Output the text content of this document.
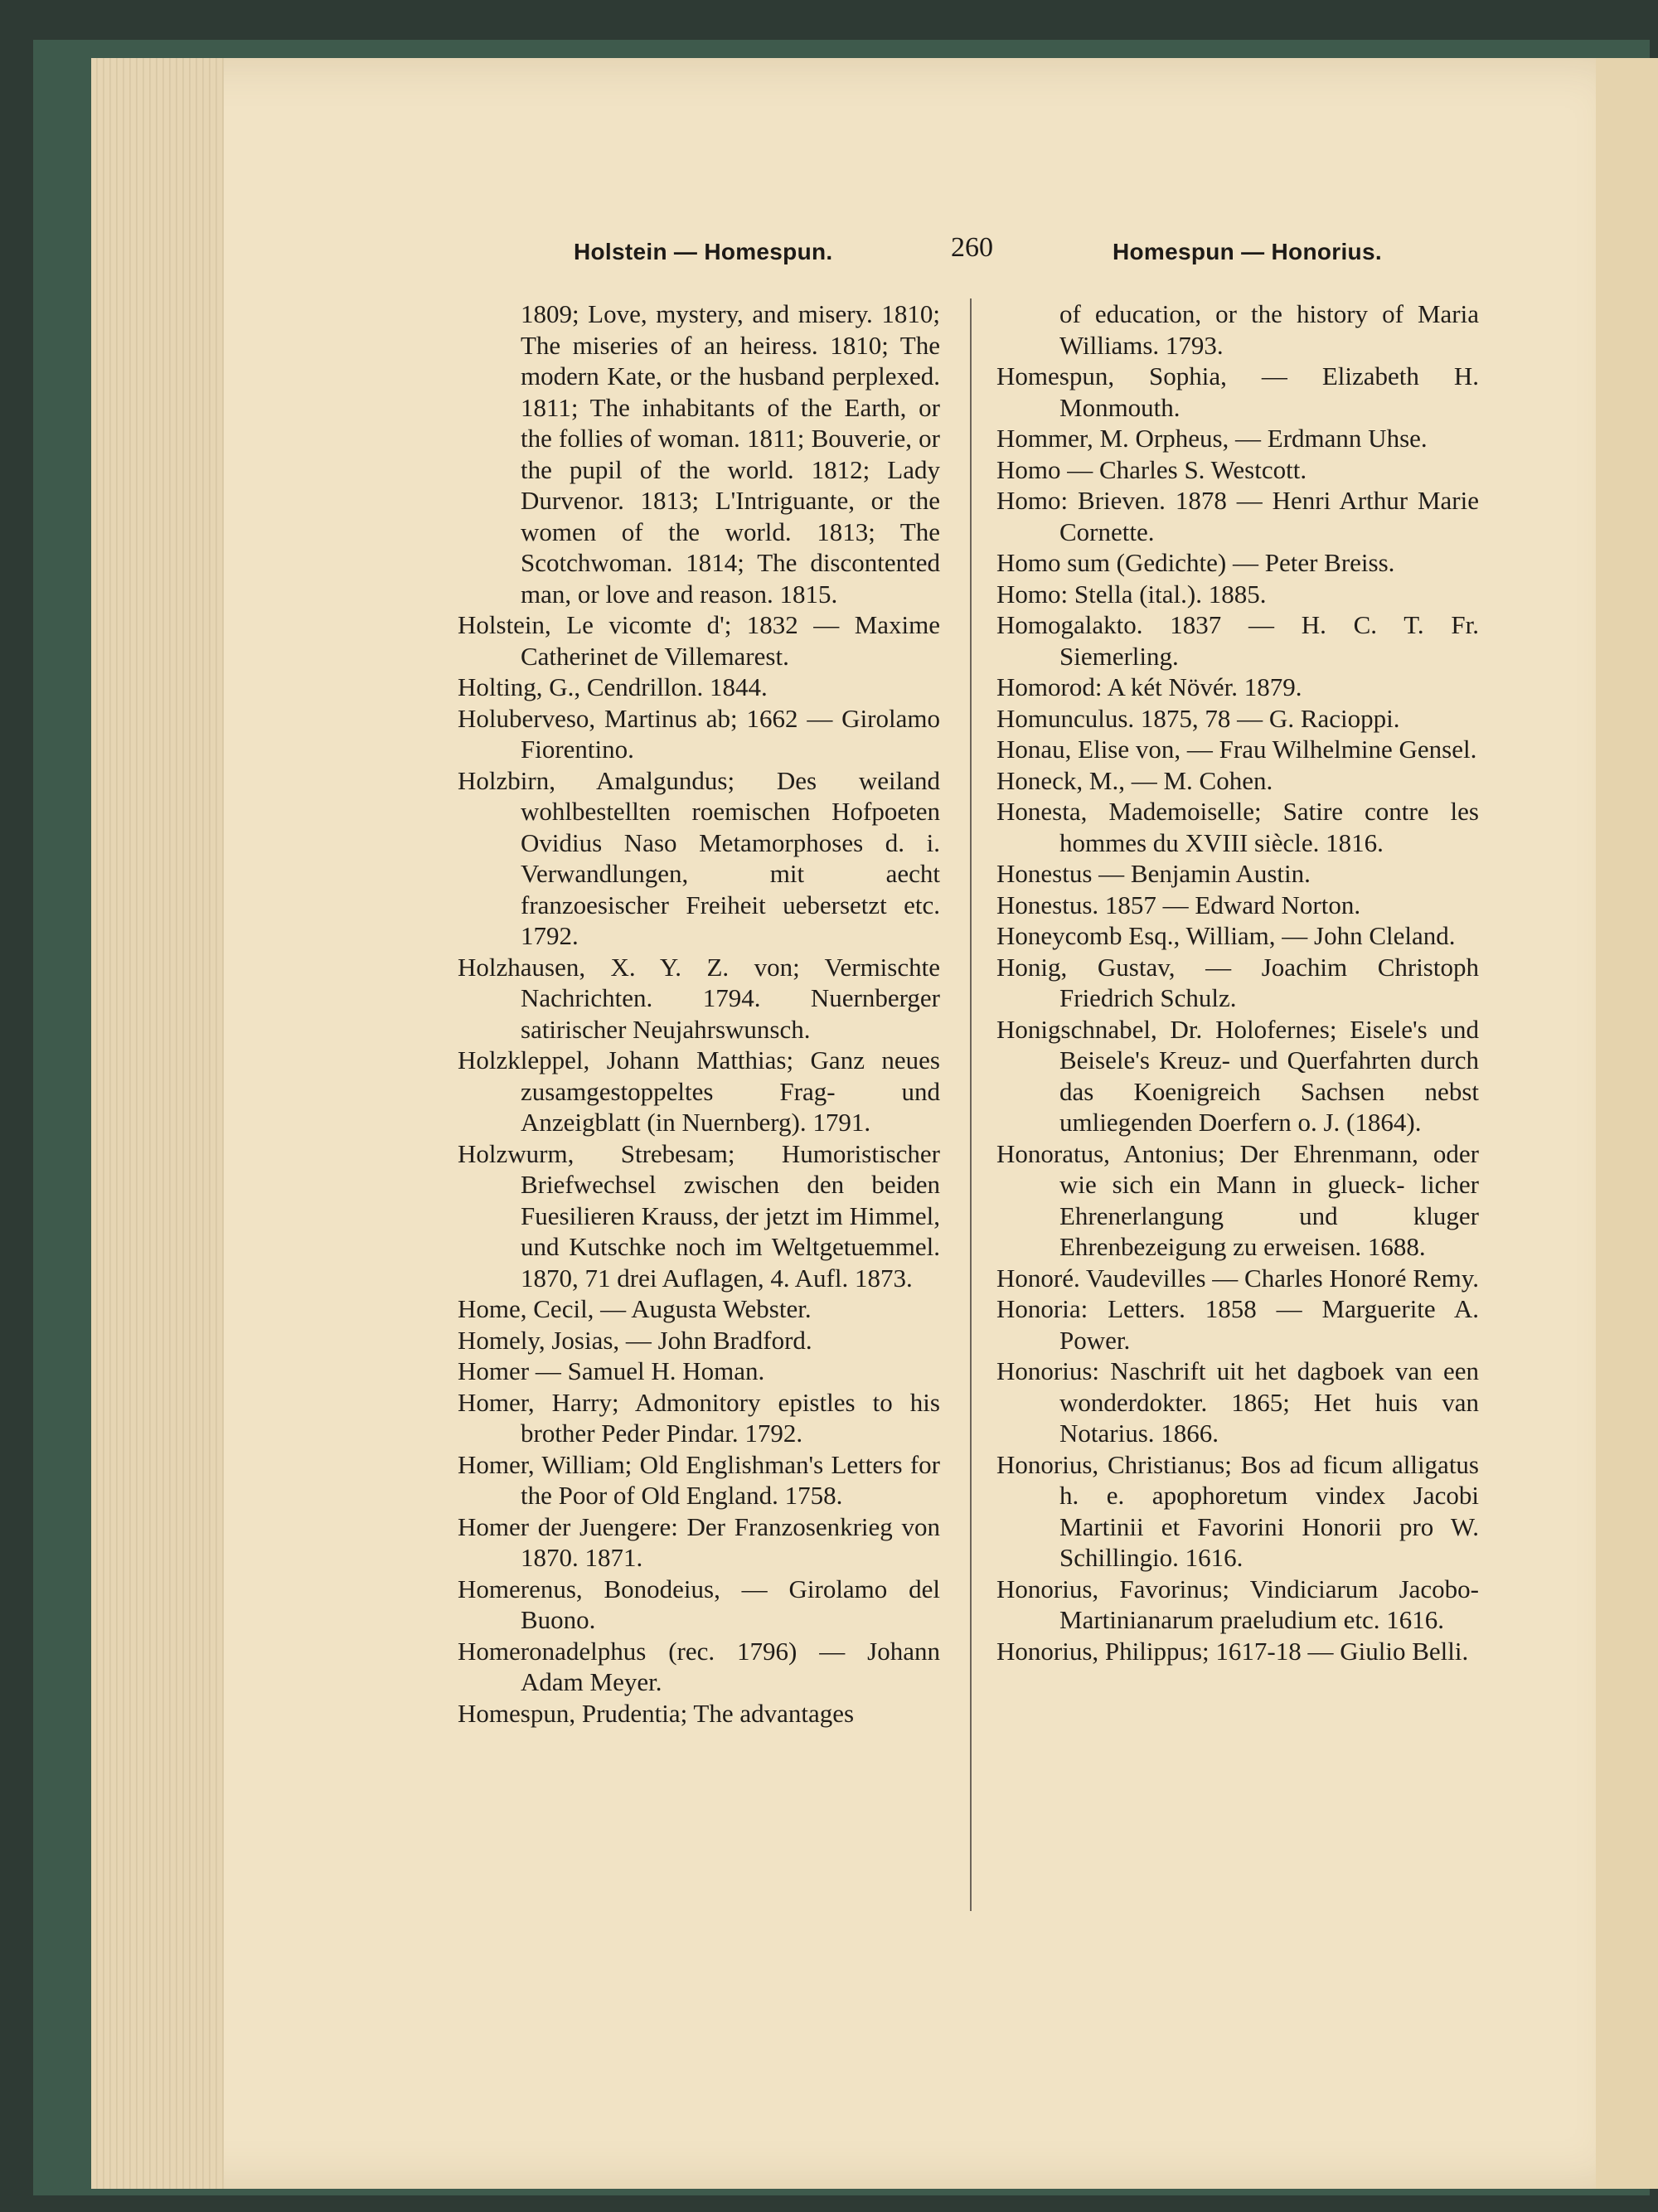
Holstein — Homespun.	260	Homespun — Honorius.

1809; Love, mystery, and misery. 1810; The miseries of an heiress. 1810; The modern Kate, or the husband perplexed. 1811; The inhabitants of the Earth, or the follies of woman. 1811; Bouverie, or the pupil of the world. 1812; Lady Durvenor. 1813; L'Intriguante, or the women of the world. 1813; The Scotchwoman. 1814; The discontented man, or love and reason. 1815.

Holstein, Le vicomte d'; 1832 — Maxime Catherinet de Villemarest.

Holting, G., Cendrillon. 1844.

Holuberveso, Martinus ab; 1662 — Girolamo Fiorentino.

Holzbirn, Amalgundus; Des weiland wohlbestellten roemischen Hofpoeten Ovidius Naso Metamorphoses d. i. Verwandlungen, mit aecht franzoesischer Freiheit uebersetzt etc. 1792.

Holzhausen, X. Y. Z. von; Vermischte Nachrichten. 1794. Nuernberger satirischer Neujahrswunsch.

Holzkleppel, Johann Matthias; Ganz neues zusamgestoppeltes Frag- und Anzeigblatt (in Nuernberg). 1791.

Holzwurm, Strebesam; Humoristischer Briefwechsel zwischen den beiden Fuesilieren Krauss, der jetzt im Himmel, und Kutschke noch im Weltgetuemmel. 1870, 71 drei Auflagen, 4. Aufl. 1873.

Home, Cecil, — Augusta Webster.

Homely, Josias, — John Bradford.

Homer — Samuel H. Homan.

Homer, Harry; Admonitory epistles to his brother Peder Pindar. 1792.

Homer, William; Old Englishman's Letters for the Poor of Old England. 1758.

Homer der Juengere: Der Franzosenkrieg von 1870. 1871.

Homerenus, Bonodeius, — Girolamo del Buono.

Homeronadelphus (rec. 1796) — Johann Adam Meyer.

Homespun, Prudentia; The advantages

of education, or the history of Maria Williams. 1793.

Homespun, Sophia, — Elizabeth H. Monmouth.

Hommer, M. Orpheus, — Erdmann Uhse.

Homo — Charles S. Westcott.

Homo: Brieven. 1878 — Henri Arthur Marie Cornette.

Homo sum (Gedichte) — Peter Breiss.

Homo: Stella (ital.). 1885.

Homogalakto. 1837 — H. C. T. Fr. Siemerling.

Homorod: A két Növér. 1879.

Homunculus. 1875, 78 — G. Racioppi.

Honau, Elise von, — Frau Wilhelmine Gensel.

Honeck, M., — M. Cohen.

Honesta, Mademoiselle; Satire contre les hommes du XVIII siècle. 1816.

Honestus — Benjamin Austin.

Honestus. 1857 — Edward Norton.

Honeycomb Esq., William, — John Cleland.

Honig, Gustav, — Joachim Christoph Friedrich Schulz.

Honigschnabel, Dr. Holofernes; Eisele's und Beisele's Kreuz- und Querfahrten durch das Koenigreich Sachsen nebst umliegenden Doerfern o. J. (1864).

Honoratus, Antonius; Der Ehrenmann, oder wie sich ein Mann in glueck- licher Ehrenerlangung und kluger Ehrenbezeigung zu erweisen. 1688.

Honoré. Vaudevilles — Charles Honoré Remy.

Honoria: Letters. 1858 — Marguerite A. Power.

Honorius: Naschrift uit het dagboek van een wonderdokter. 1865; Het huis van Notarius. 1866.

Honorius, Christianus; Bos ad ficum alligatus h. e. apophoretum vindex Jacobi Martinii et Favorini Honorii pro W. Schillingio. 1616.

Honorius, Favorinus; Vindiciarum Jacobo-Martinianarum praeludium etc. 1616.

Honorius, Philippus; 1617-18 — Giulio Belli.
